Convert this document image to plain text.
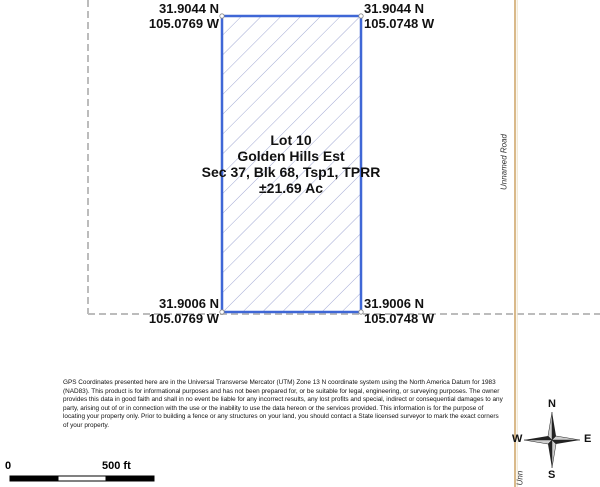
31.9044 N
105.0769 W
31.9044 N
105.0748 W
31.9006 N
105.0769 W
31.9006 N
105.0748 W
Lot 10
Golden Hills Est
Sec 37, Blk 68, Tsp1, TPRR
±21.69 Ac	Unnamed Road
Unn
GPS Coordinates presented here are in the Universal Transverse Mercator (UTM) Zone 13 N coordinate system using the North America Datum for 1983 (NAD83). This product is for informational purposes and has not been prepared for, or be suitable for legal, engineering, or surveying purposes. The owner provides this data in good faith and shall in no event be liable for any incorrect results, any lost profits and special, indirect or consequential damages to any party, arising out of or in connection with the use or the inability to use the data hereon or the services provided. This information is for the purpose of locating your property only. Prior to building a fence or any structures on your land, you should contact a State licensed surveyor to mark the exact corners of your property.
0	500 ft
N
E
S
W
